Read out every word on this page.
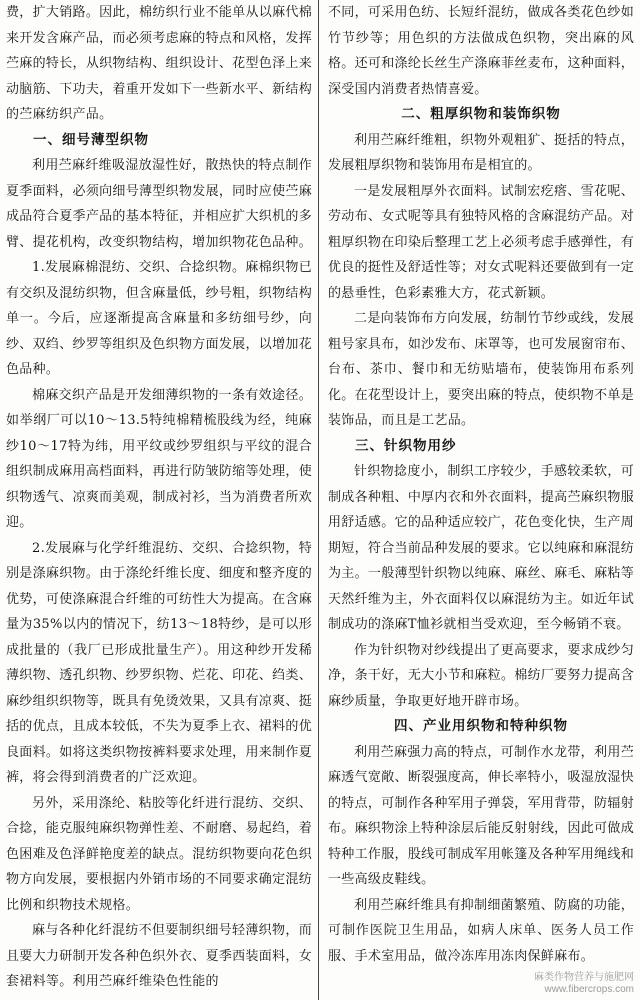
费，扩大销路。因此，棉纺织行业不能单从以麻代棉来开发含麻产品，而必须考虑麻的特点和风格，发挥苎麻的特长，从织物结构、组织设计、花型色泽上来动脑筋、下功夫，着重开发如下一些新水平、新结构的苎麻纺织产品。

一、细号薄型织物

利用苎麻纤维吸湿放湿性好，散热快的特点制作夏季面料，必须向细号薄型织物发展，同时应使苎麻成品符合夏季产品的基本特征，并相应扩大织机的多臂、提花机构，改变织物结构，增加织物花色品种。

1.发展麻棉混纺、交织、合捻织物。麻棉织物已有交织及混纺织物，但含麻量低，纱号粗，织物结构单一。今后，应逐渐提高含麻量和多纺细号纱，向纱、双绉、纱罗等组织及色织物方面发展，以增加花色品种。

棉麻交织产品是开发细薄织物的一条有效途径。如举纲厂可以10～13.5特纯棉精梳股线为经，纯麻纱10～17特为纬，用平纹或纱罗组织与平纹的混合组织制成麻用高档面料，再进行防皱防缩等处理，使织物透气、凉爽而美观，制成衬衫，当为消费者所欢迎。

2.发展麻与化学纤维混纺、交织、合捻织物，特别是涤麻织物。由于涤纶纤维长度、细度和整齐度的优势，可使涤麻混合纤维的可纺性大为提高。在含麻量为35%以内的情况下，纺13～18特纱，是可以形成批量的（我厂已形成批量生产）。用这种纱开发稀薄织物、透孔织物、纱罗织物、烂花、印花、绉类、麻纱组织织物等，既具有免烫效果，又具有凉爽、挺括的优点，且成本较低，不失为夏季上衣、裙料的优良面料。如将这类织物按裤料要求处理，用来制作夏裤，将会得到消费者的广泛欢迎。

另外，采用涤纶、粘胶等化纤进行混纺、交织、合捻，能克服纯麻织物弹性差、不耐磨、易起绉，着色困难及色泽鲜艳度差的缺点。混纺织物要向花色织物方向发展，要根据内外销市场的不同要求确定混纺比例和织物技术规格。

麻与各种化纤混纺不但要制织细号轻薄织物，而且要大力研制开发各种色织外衣、夏季西装面料，女套裙料等。利用苎麻纤维染色性能的

不同，可采用色纺、长短纤混纺，做成各类花色纱如竹节纱等；用色织的方法做成色织物，突出麻的风格。还可和涤纶长丝生产涤麻菲丝麦布，这种面料，深受国内消费者热情喜爱。

二、粗厚织物和装饰织物

利用苎麻纤维粗，织物外观粗犷、挺括的特点，发展粗厚织物和装饰用布是相宜的。

一是发展粗厚外衣面料。试制宏疙瘩、雪花呢、劳动布、女式呢等具有独特风格的含麻混纺产品。对粗厚织物在印染后整理工艺上必须考虑手感弹性，有优良的挺性及舒适性等；对女式呢料还要做到有一定的悬垂性，色彩素雅大方，花式新颖。

二是向装饰布方向发展，纺制竹节纱或线，发展粗号家具布，如沙发布、床罩等，也可发展窗帘布、台布、茶巾、餐巾和无纺贴墙布，使装饰用布系列化。在花型设计上，要突出麻的特点，使织物不单是装饰品，而且是工艺品。

三、针织物用纱

针织物捻度小，制织工序较少，手感较柔软，可制成各种粗、中厚内衣和外衣面料，提高苎麻织物服用舒适感。它的品种适应较广，花色变化快，生产周期短，符合当前品种发展的要求。它以纯麻和麻混纺为主。一般薄型针织物以纯麻、麻丝、麻毛、麻粘等天然纤维为主，外衣面料仅以麻混纺为主。如近年试制成功的涤麻T恤衫就相当受欢迎，至今畅销不衰。

作为针织物对纱线提出了更高要求，要求成纱匀净，条干好，无大小节和麻粒。棉纺厂要努力提高含麻纱质量，争取更好地开辟市场。

四、产业用织物和特种织物

利用苎麻强力高的特点，可制作水龙带，利用苎麻透气宽敞、断裂强度高，伸长率特小，吸湿放湿快的特点，可制作各种军用子弹袋，军用背带，防辐射布。麻织物涂上特种涂层后能反射射线，因此可做成特种工作服，股线可制成军用帐篷及各种军用绳线和一些高级皮鞋线。

利用苎麻纤维具有抑制细菌繁殖、防腐的功能，可制作医院卫生用品，如病人床单、医务人员工作服、手术室用品，做冷冻库用冻肉保鲜麻布。

麻类作物营养与施肥网
www.fibercrops.com
